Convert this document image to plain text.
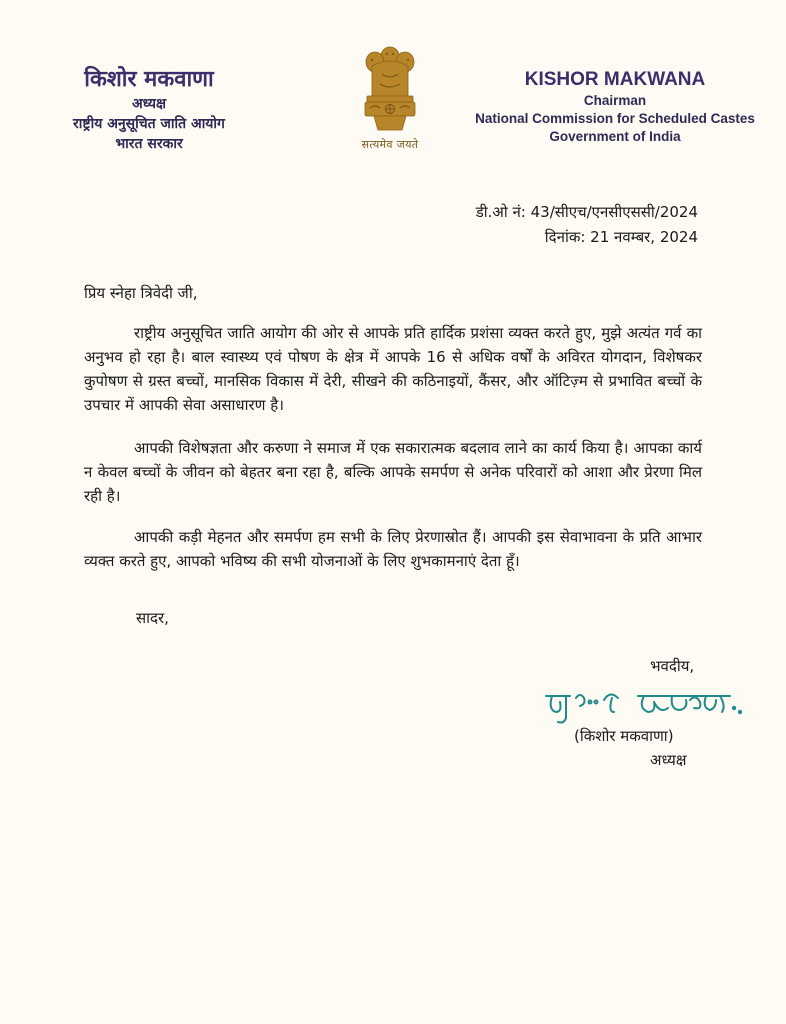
किशोर मकवाणा
अध्यक्ष
राष्ट्रीय अनुसूचित जाति आयोग
भारत सरकार	सत्यमेव जयते
KISHOR MAKWANA
Chairman
National Commission for Scheduled Castes
Government of India
डी.ओ नं: 43/सीएच/एनसीएससी/2024
दिनांक: 21 नवम्बर, 2024
प्रिय स्नेहा त्रिवेदी जी,

राष्ट्रीय अनुसूचित जाति आयोग की ओर से आपके प्रति हार्दिक प्रशंसा व्यक्त करते हुए, मुझे अत्यंत गर्व का अनुभव हो रहा है। बाल स्वास्थ्य एवं पोषण के क्षेत्र में आपके 16 से अधिक वर्षों के अविरत योगदान, विशेषकर कुपोषण से ग्रस्त बच्चों, मानसिक विकास में देरी, सीखने की कठिनाइयों, कैंसर, और ऑटिज़्म से प्रभावित बच्चों के उपचार में आपकी सेवा असाधारण है।

आपकी विशेषज्ञता और करुणा ने समाज में एक सकारात्मक बदलाव लाने का कार्य किया है। आपका कार्य न केवल बच्चों के जीवन को बेहतर बना रहा है, बल्कि आपके समर्पण से अनेक परिवारों को आशा और प्रेरणा मिल रही है।

आपकी कड़ी मेहनत और समर्पण हम सभी के लिए प्रेरणास्रोत हैं। आपकी इस सेवाभावना के प्रति आभार व्यक्त करते हुए, आपको भविष्य की सभी योजनाओं के लिए शुभकामनाएं देता हूँ।

सादर,
भवदीय,
(किशोर मकवाणा)
अध्यक्ष
